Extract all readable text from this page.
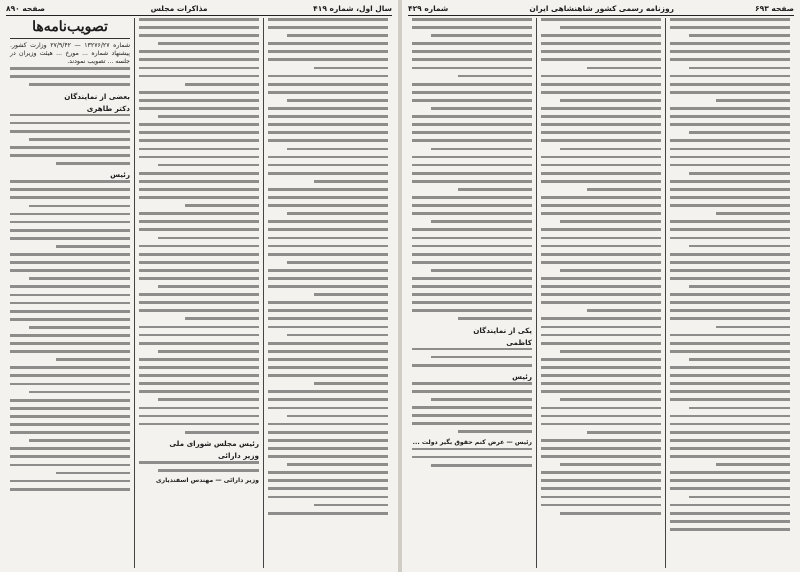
صفحه ۶۹۳
روزنامه رسمی کشور شاهنشاهی ایران
شماره ۴۲۹
یکی از نمایندگان
کاظمی
رئیس

رئیس — عرض کنم حقوق بگیر دولت ...

سال اول، شماره ۴۱۹
مذاکرات مجلس
صفحه ۸۹۰
رئیس مجلس شورای ملی
وزیر دارائی

وزیر دارائی — مهندس اسفندیاری

تصویب‌نامه‌ها

شماره ۱۳۲۷۶/۲۷ — ۲۷/۹/۴۲ وزارت کشور. پیشنهاد شماره ... مورخ ... هیئت وزیران در جلسه ... تصویب نمودند.

بعضی از نمایندگان
دکتر طاهری
رئیس
